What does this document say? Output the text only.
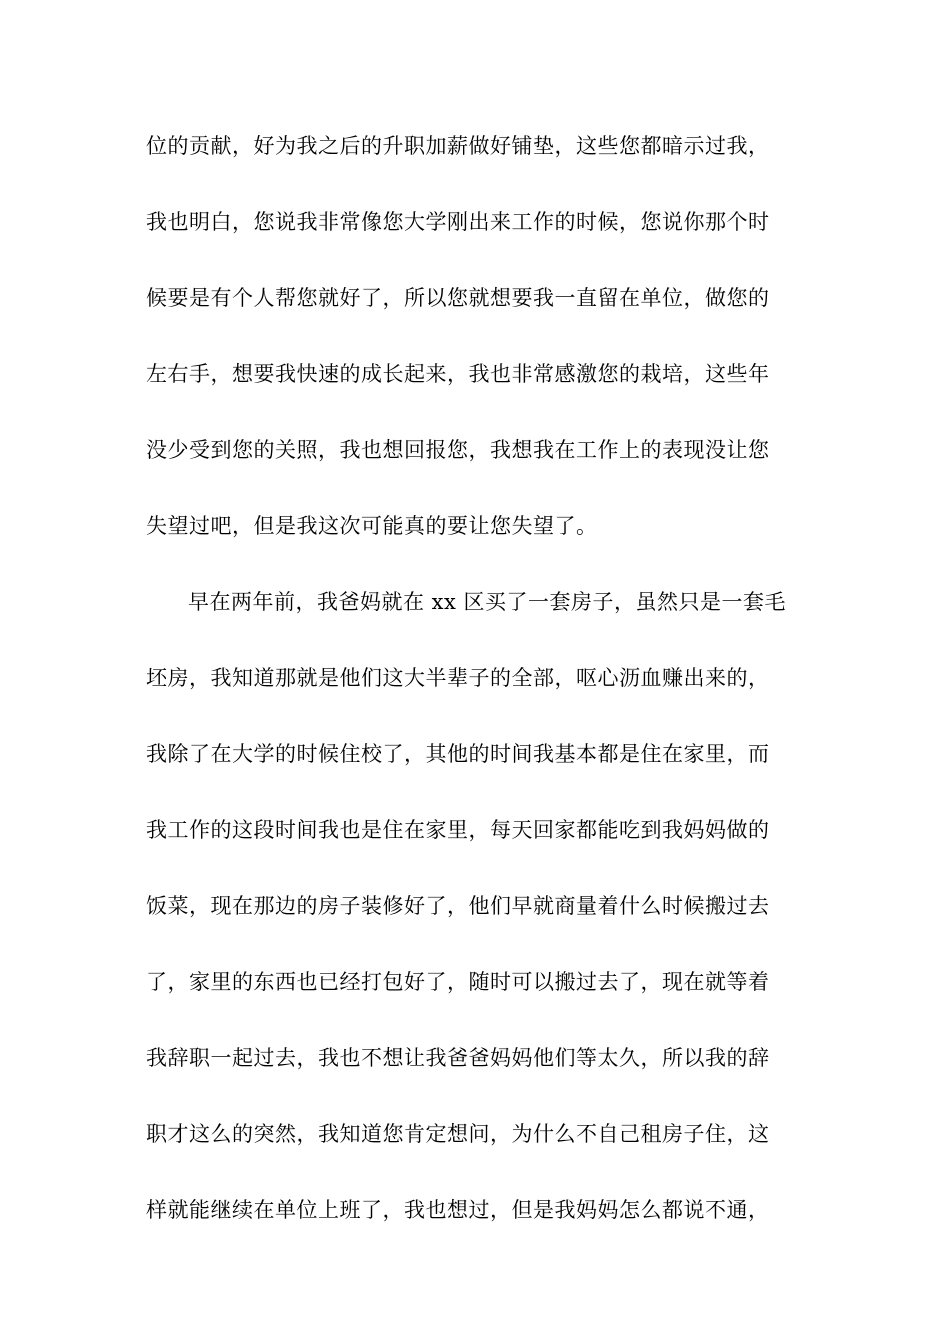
位的贡献，好为我之后的升职加薪做好铺垫，这些您都暗示过我，
我也明白，您说我非常像您大学刚出来工作的时候，您说你那个时
候要是有个人帮您就好了，所以您就想要我一直留在单位，做您的
左右手，想要我快速的成长起来，我也非常感激您的栽培，这些年
没少受到您的关照，我也想回报您，我想我在工作上的表现没让您
失望过吧，但是我这次可能真的要让您失望了。
早在两年前，我爸妈就在 xx 区买了一套房子，虽然只是一套毛
坯房，我知道那就是他们这大半辈子的全部，呕心沥血赚出来的，
我除了在大学的时候住校了，其他的时间我基本都是住在家里，而
我工作的这段时间我也是住在家里，每天回家都能吃到我妈妈做的
饭菜，现在那边的房子装修好了，他们早就商量着什么时候搬过去
了，家里的东西也已经打包好了，随时可以搬过去了，现在就等着
我辞职一起过去，我也不想让我爸爸妈妈他们等太久，所以我的辞
职才这么的突然，我知道您肯定想问，为什么不自己租房子住，这
样就能继续在单位上班了，我也想过，但是我妈妈怎么都说不通，
